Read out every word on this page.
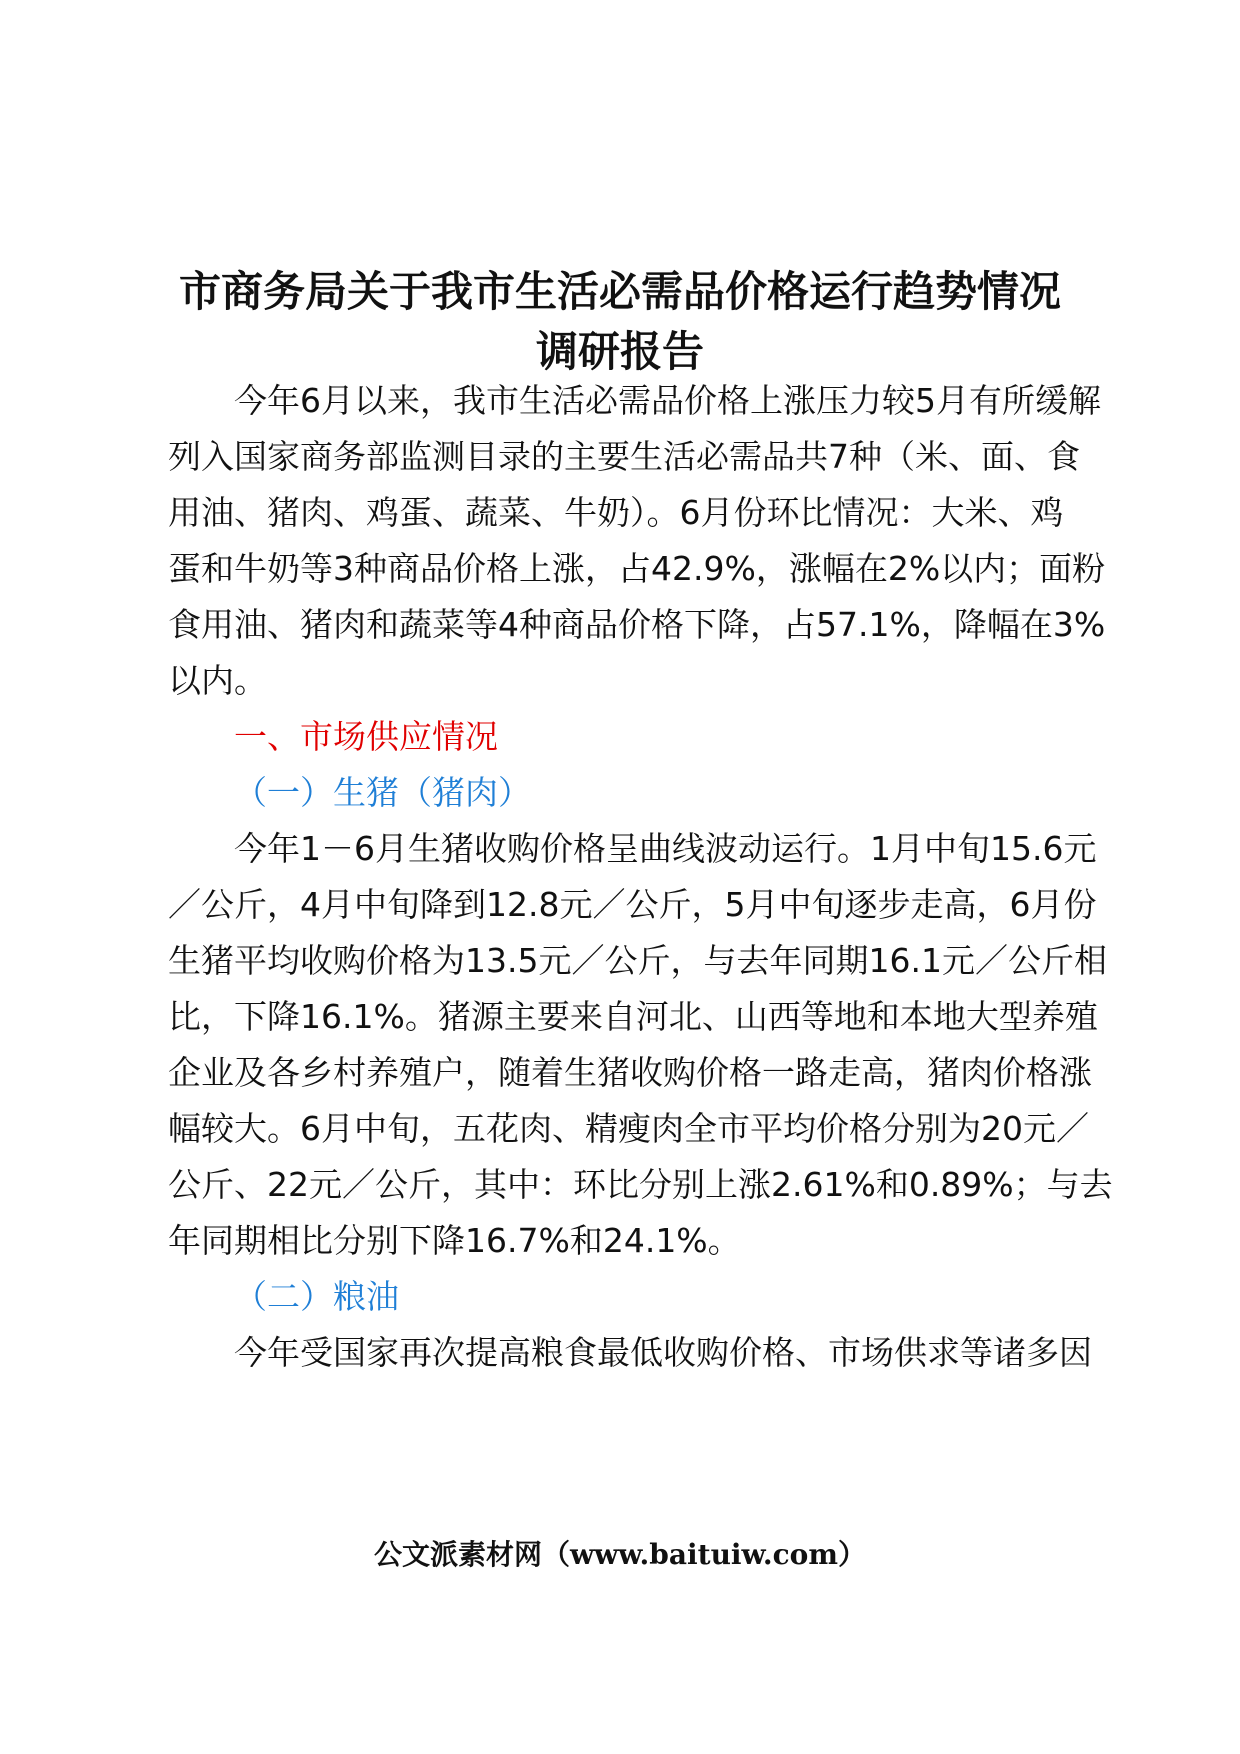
市商务局关于我市生活必需品价格运行趋势情况
调研报告

今年6月以来，我市生活必需品价格上涨压力较5月有所缓解

列入国家商务部监测目录的主要生活必需品共7种（米、面、食

用油、猪肉、鸡蛋、蔬菜、牛奶）。6月份环比情况：大米、鸡

蛋和牛奶等3种商品价格上涨，占42.9%，涨幅在2%以内；面粉

食用油、猪肉和蔬菜等4种商品价格下降，占57.1%，降幅在3%

以内。

一、市场供应情况

（一）生猪（猪肉）

今年1－6月生猪收购价格呈曲线波动运行。1月中旬15.6元

／公斤，4月中旬降到12.8元／公斤，5月中旬逐步走高，6月份

生猪平均收购价格为13.5元／公斤，与去年同期16.1元／公斤相

比，下降16.1%。猪源主要来自河北、山西等地和本地大型养殖

企业及各乡村养殖户，随着生猪收购价格一路走高，猪肉价格涨

幅较大。6月中旬，五花肉、精瘦肉全市平均价格分别为20元／

公斤、22元／公斤，其中：环比分别上涨2.61%和0.89%；与去

年同期相比分别下降16.7%和24.1%。

（二）粮油

今年受国家再次提高粮食最低收购价格、市场供求等诸多因

公文派素材网（www.baituiw.com）
